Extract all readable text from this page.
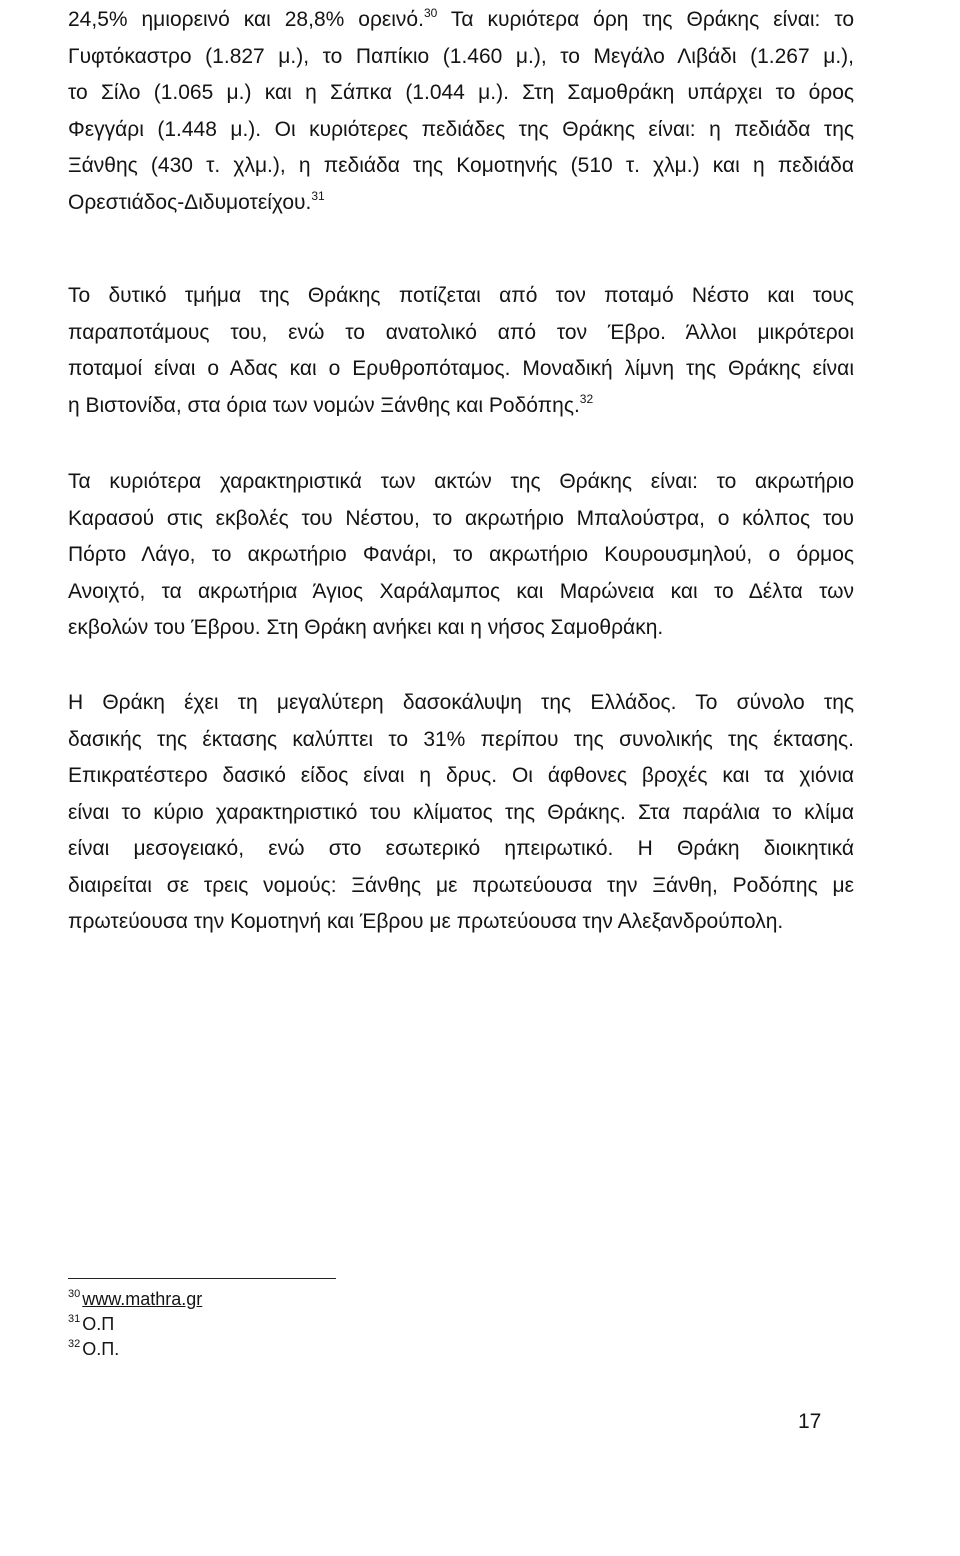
24,5% ημιορεινό και 28,8% ορεινό.$^{30}$ Τα κυριότερα όρη της Θράκης είναι: το
Γυφτόκαστρο (1.827 μ.), το Παπίκιο (1.460 μ.), το Μεγάλο Λιβάδι (1.267 μ.),
το Σίλο (1.065 μ.) και η Σάπκα (1.044 μ.). Στη Σαμοθράκη υπάρχει το όρος
Φεγγάρι (1.448 μ.). Οι κυριότερες πεδιάδες της Θράκης είναι: η πεδιάδα της
Ξάνθης (430 τ. χλμ.), η πεδιάδα της Κομοτηνής (510 τ. χλμ.) και η πεδιάδα
Ορεστιάδος-Διδυμοτείχου.$^{31}$

Το δυτικό τμήμα της Θράκης ποτίζεται από τον ποταμό Νέστο και τους
παραποτάμους του, ενώ το ανατολικό από τον Έβρο. Άλλοι μικρότεροι
ποταμοί είναι ο Αδας και ο Ερυθροπόταμος. Μοναδική λίμνη της Θράκης είναι
η Βιστονίδα, στα όρια των νομών Ξάνθης και Ροδόπης.$^{32}$

Τα κυριότερα χαρακτηριστικά των ακτών της Θράκης είναι: το ακρωτήριο
Καρασού στις εκβολές του Νέστου, το ακρωτήριο Μπαλούστρα, ο κόλπος του
Πόρτο Λάγο, το ακρωτήριο Φανάρι, το ακρωτήριο Κουρουσμηλού, ο όρμος
Ανοιχτό, τα ακρωτήρια Άγιος Χαράλαμπος και Μαρώνεια και το Δέλτα των
εκβολών του Έβρου. Στη Θράκη ανήκει και η νήσος Σαμοθράκη.

Η Θράκη έχει τη μεγαλύτερη δασοκάλυψη της Ελλάδος. Το σύνολο της
δασικής της έκτασης καλύπτει το 31% περίπου της συνολικής της έκτασης.
Επικρατέστερο δασικό είδος είναι η δρυς. Οι άφθονες βροχές και τα χιόνια
είναι το κύριο χαρακτηριστικό του κλίματος της Θράκης. Στα παράλια το κλίμα
είναι μεσογειακό, ενώ στο εσωτερικό ηπειρωτικό. Η Θράκη διοικητικά
διαιρείται σε τρεις νομούς: Ξάνθης με πρωτεύουσα την Ξάνθη, Ροδόπης με
πρωτεύουσα την Κομοτηνή και Έβρου με πρωτεύουσα την Αλεξανδρούπολη.

$^{30}$ www.mathra.gr
$^{31}$ Ο.Π
$^{32}$ Ο.Π.
17
